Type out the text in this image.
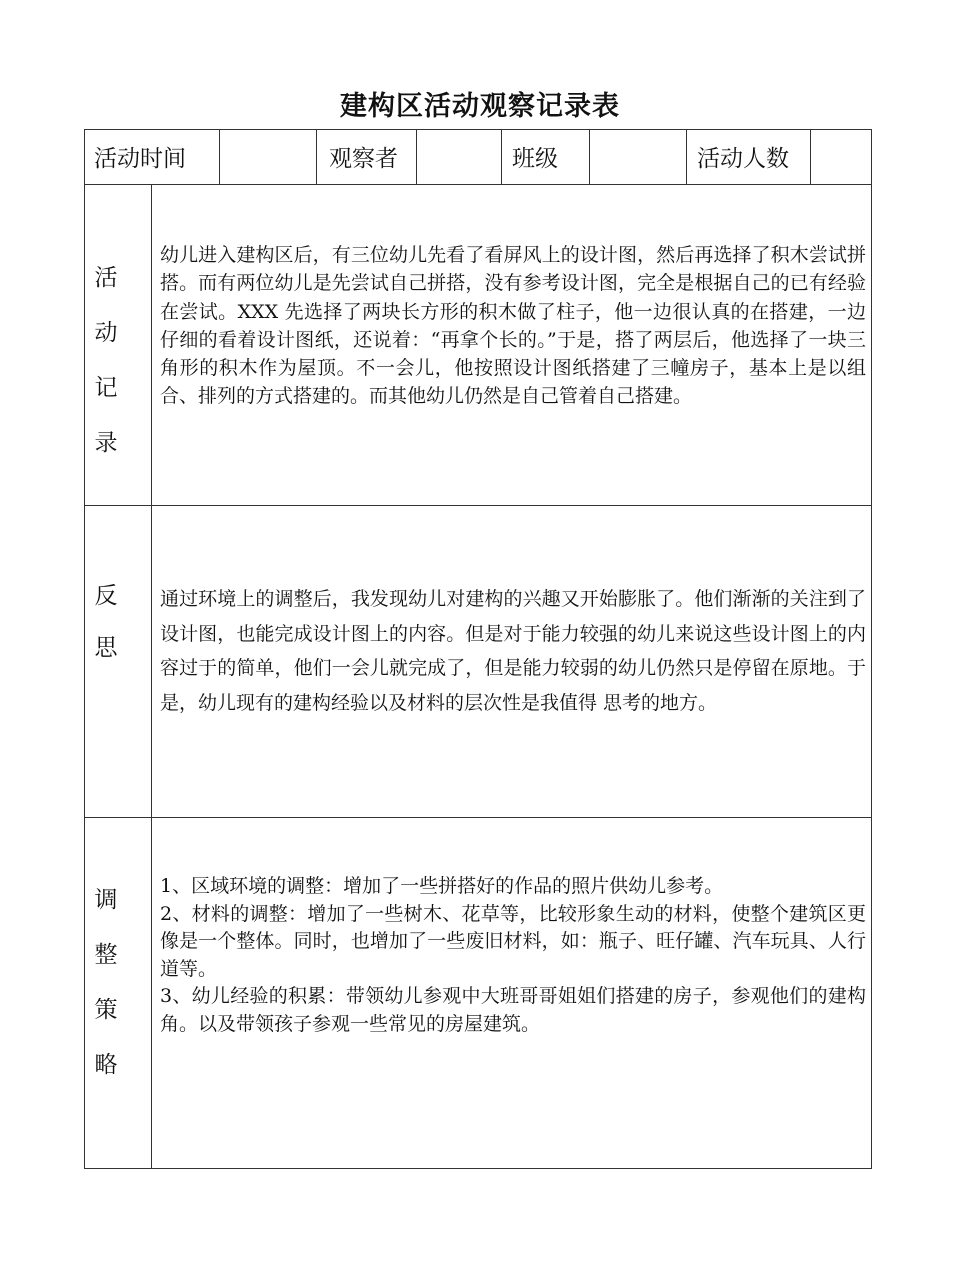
建构区活动观察记录表
活动时间	观察者	班级	活动人数
活
动
记
录

幼儿进入建构区后，有三位幼儿先看了看屏风上的设计图，然后再选择了积木尝试拼搭。而有两位幼儿是先尝试自己拼搭，没有参考设计图，完全是根据自己的已有经验在尝试。XXX 先选择了两块长方形的积木做了柱子，他一边很认真的在搭建，一边仔细的看着设计图纸，还说着：“再拿个长的。”于是，搭了两层后，他选择了一块三角形的积木作为屋顶。不一会儿，他按照设计图纸搭建了三幢房子，基本上是以组合、排列的方式搭建的。而其他幼儿仍然是自己管着自己搭建。

反
思

通过环境上的调整后，我发现幼儿对建构的兴趣又开始膨胀了。他们渐渐的关注到了设计图，也能完成设计图上的内容。但是对于能力较强的幼儿来说这些设计图上的内容过于的简单，他们一会儿就完成了，但是能力较弱的幼儿仍然只是停留在原地。于是，幼儿现有的建构经验以及材料的层次性是我值得 思考的地方。

调
整
策
略
1、区域环境的调整：增加了一些拼搭好的作品的照片供幼儿参考。
2、材料的调整：增加了一些树木、花草等，比较形象生动的材料，使整个建筑区更像是一个整体。同时，也增加了一些废旧材料，如：瓶子、旺仔罐、汽车玩具、人行道等。
3、幼儿经验的积累：带领幼儿参观中大班哥哥姐姐们搭建的房子，参观他们的建构角。以及带领孩子参观一些常见的房屋建筑。
